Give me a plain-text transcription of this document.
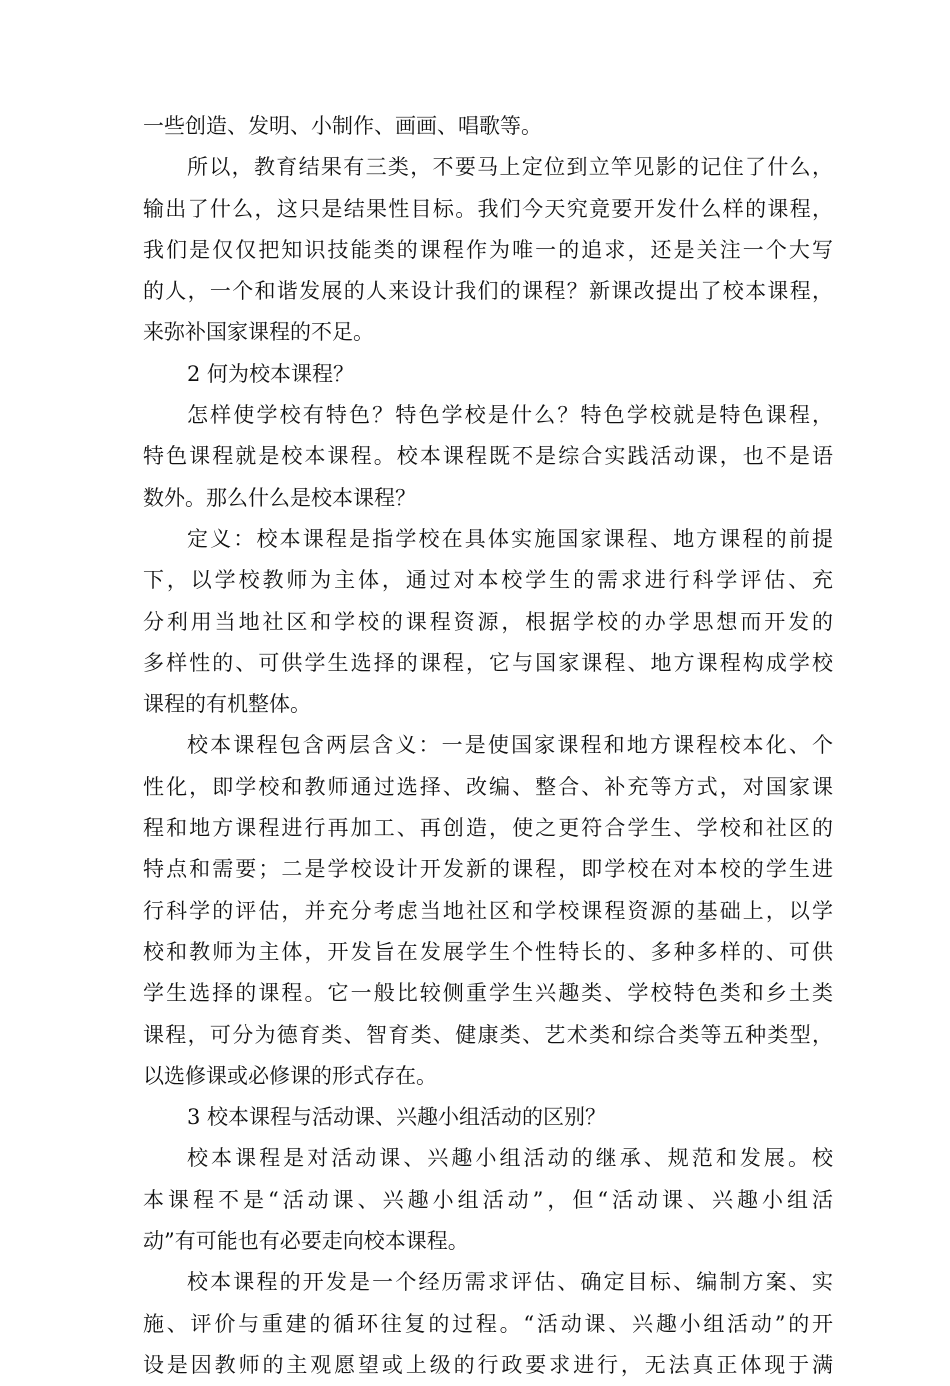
一些创造、发明、小制作、画画、唱歌等。
所以，教育结果有三类，不要马上定位到立竿见影的记住了什么，
输出了什么，这只是结果性目标。我们今天究竟要开发什么样的课程，
我们是仅仅把知识技能类的课程作为唯一的追求，还是关注一个大写
的人，一个和谐发展的人来设计我们的课程？新课改提出了校本课程，
来弥补国家课程的不足。
2 何为校本课程？
怎样使学校有特色？特色学校是什么？特色学校就是特色课程，
特色课程就是校本课程。校本课程既不是综合实践活动课，也不是语
数外。那么什么是校本课程？
定义：校本课程是指学校在具体实施国家课程、地方课程的前提
下，以学校教师为主体，通过对本校学生的需求进行科学评估、充
分利用当地社区和学校的课程资源，根据学校的办学思想而开发的
多样性的、可供学生选择的课程，它与国家课程、地方课程构成学校
课程的有机整体。
校本课程包含两层含义：一是使国家课程和地方课程校本化、个
性化，即学校和教师通过选择、改编、整合、补充等方式，对国家课
程和地方课程进行再加工、再创造，使之更符合学生、学校和社区的
特点和需要；二是学校设计开发新的课程，即学校在对本校的学生进
行科学的评估，并充分考虑当地社区和学校课程资源的基础上，以学
校和教师为主体，开发旨在发展学生个性特长的、多种多样的、可供
学生选择的课程。它一般比较侧重学生兴趣类、学校特色类和乡土类
课程，可分为德育类、智育类、健康类、艺术类和综合类等五种类型，
以选修课或必修课的形式存在。
3 校本课程与活动课、兴趣小组活动的区别？
校本课程是对活动课、兴趣小组活动的继承、规范和发展。校
本课程不是“活动课、兴趣小组活动”，但“活动课、兴趣小组活
动”有可能也有必要走向校本课程。
校本课程的开发是一个经历需求评估、确定目标、编制方案、实
施、评价与重建的循环往复的过程。“活动课、兴趣小组活动”的开
设是因教师的主观愿望或上级的行政要求进行，无法真正体现于满
